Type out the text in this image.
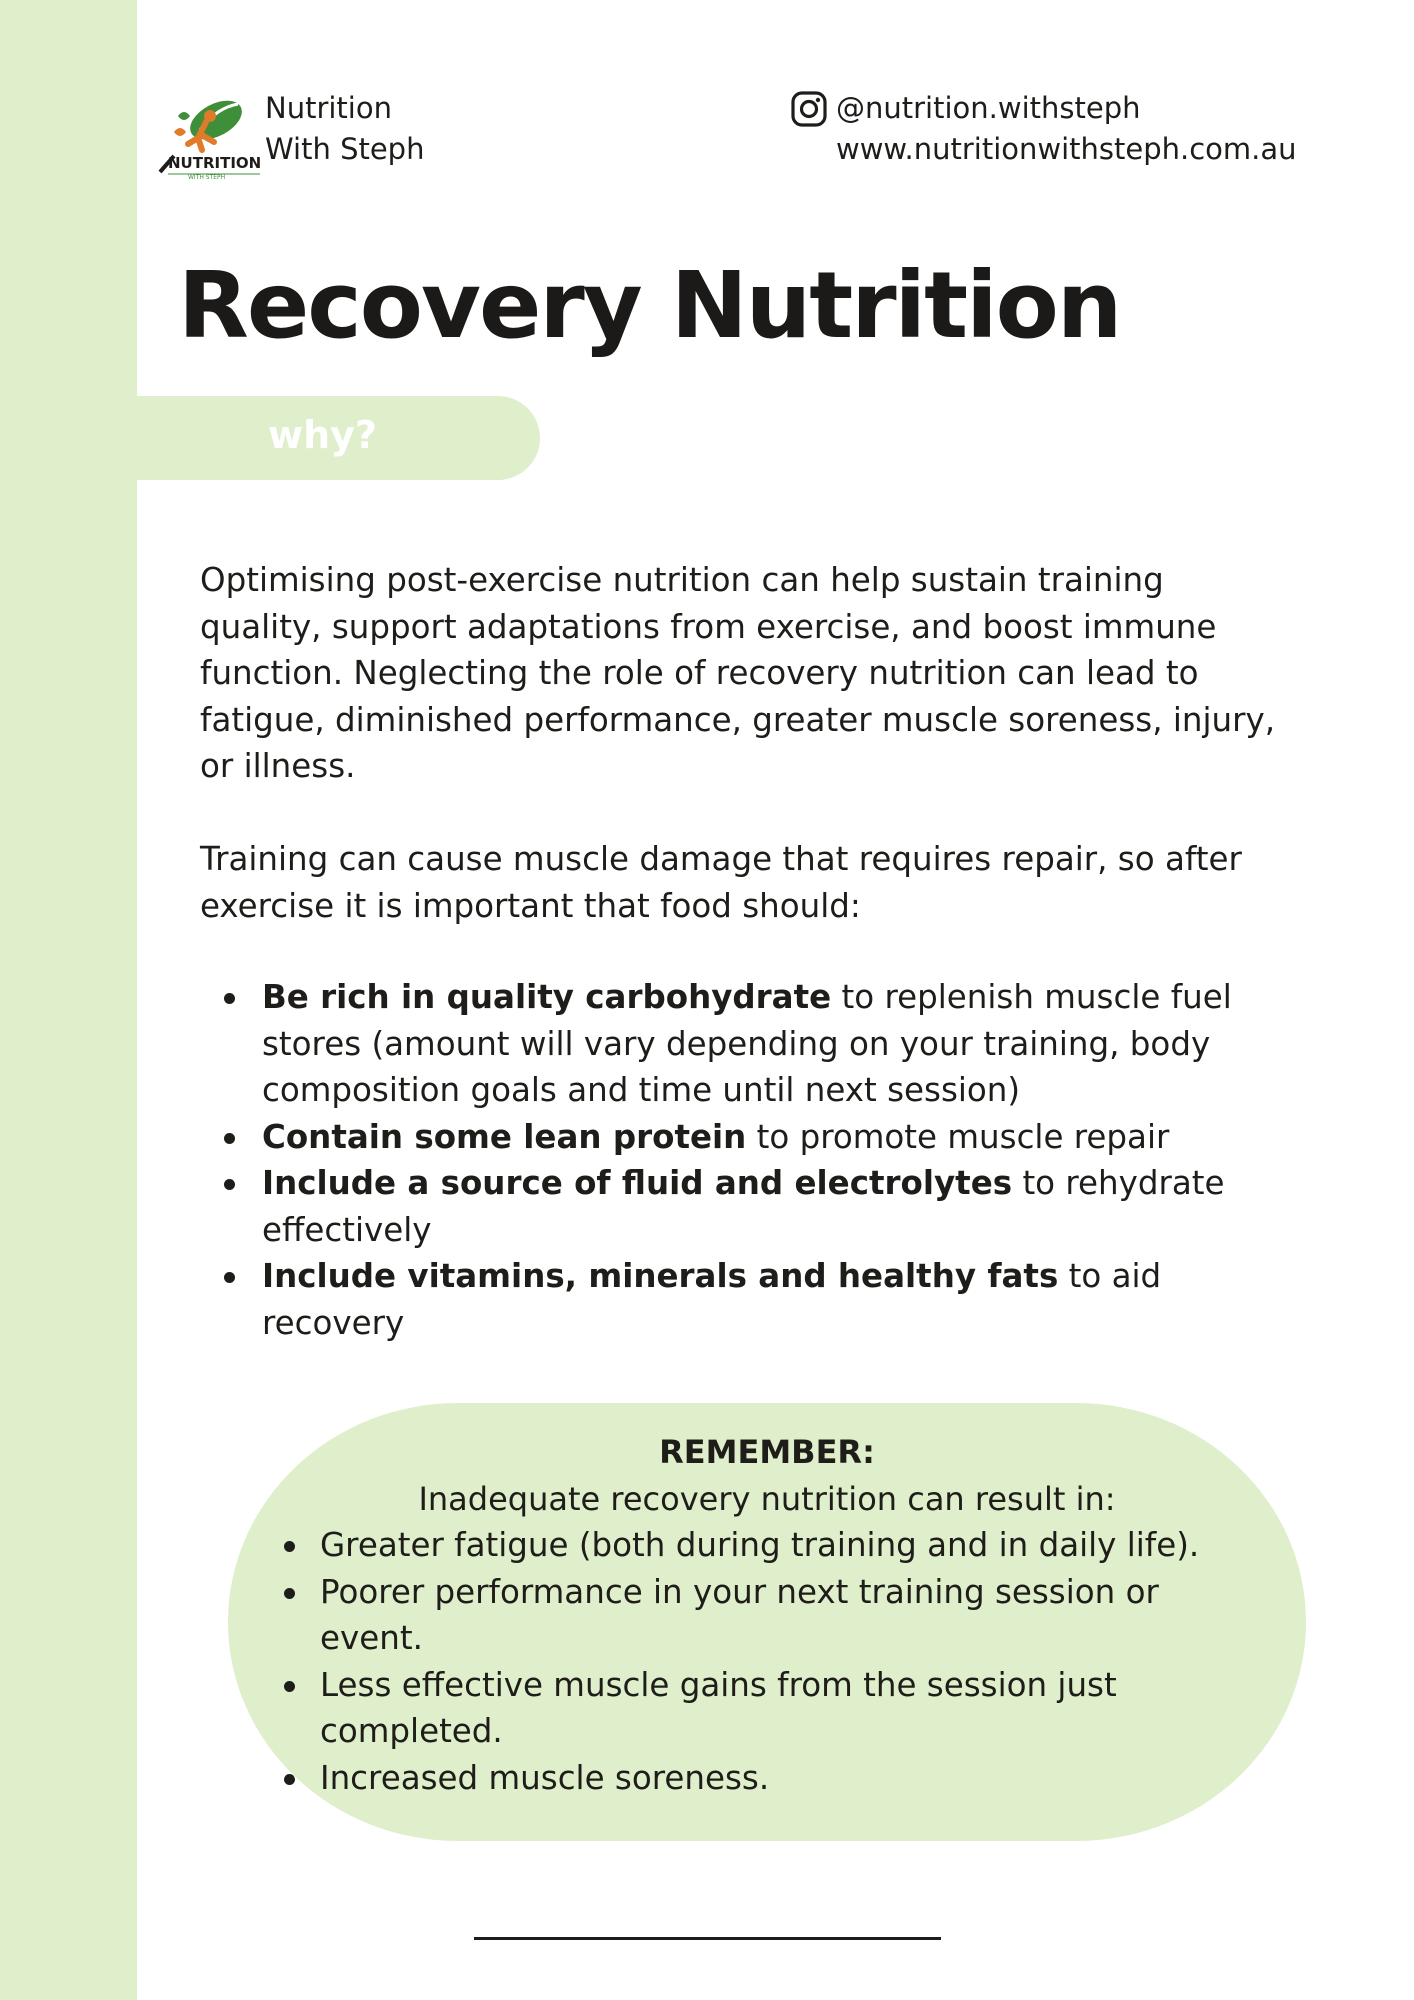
NUTRITION
WITH STEPH
Nutrition
With Steph
@nutrition.withsteph
www.nutritionwithsteph.com.au
Recovery Nutrition
why?

Optimising post-exercise nutrition can help sustain training quality, support adaptations from exercise, and boost immune function. Neglecting the role of recovery nutrition can lead to fatigue, diminished performance, greater muscle soreness, injury, or illness.

Training can cause muscle damage that requires repair, so after exercise it is important that food should:

Be rich in quality carbohydrate to replenish muscle fuel stores (amount will vary depending on your training, body composition goals and time until next session)
Contain some lean protein to promote muscle repair
Include a source of fluid and electrolytes to rehydrate effectively
Include vitamins, minerals and healthy fats to aid recovery
REMEMBER:
Inadequate recovery nutrition can result in:
Greater fatigue (both during training and in daily life).
Poorer performance in your next training session or event.
Less effective muscle gains from the session just completed.
Increased muscle soreness.
